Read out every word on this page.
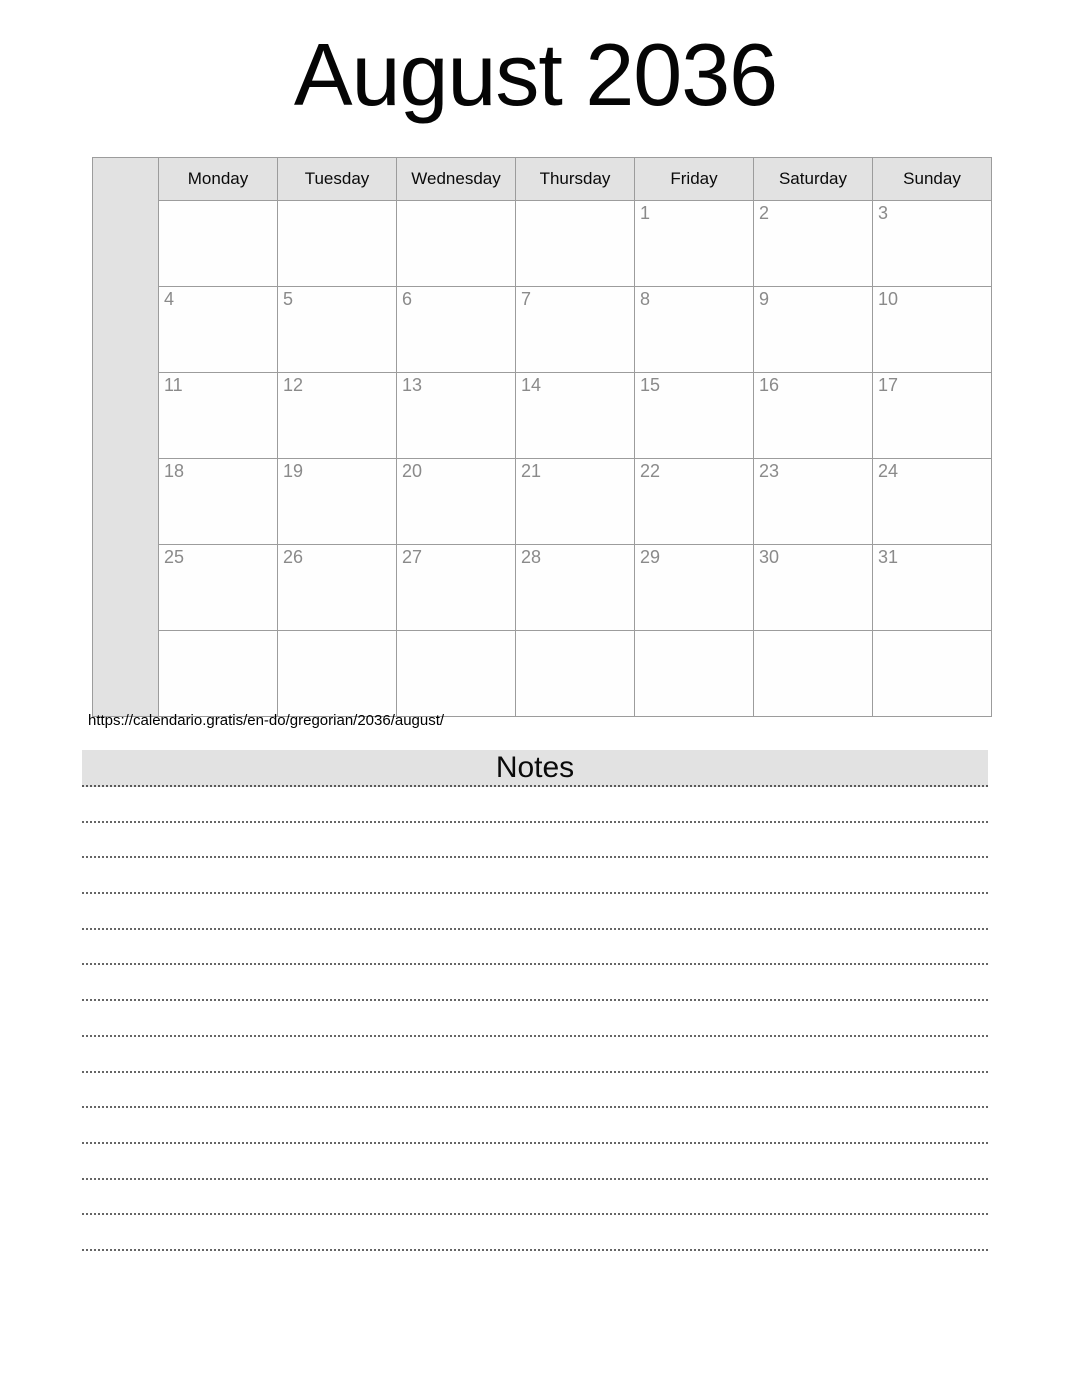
August 2036
	Monday	Tuesday	Wednesday	Thursday	Friday	Saturday	Sunday
					1	2	3
	4	5	6	7	8	9	10
	11	12	13	14	15	16	17
	18	19	20	21	22	23	24
	25	26	27	28	29	30	31

https://calendario.gratis/en-do/gregorian/2036/august/

Notes
